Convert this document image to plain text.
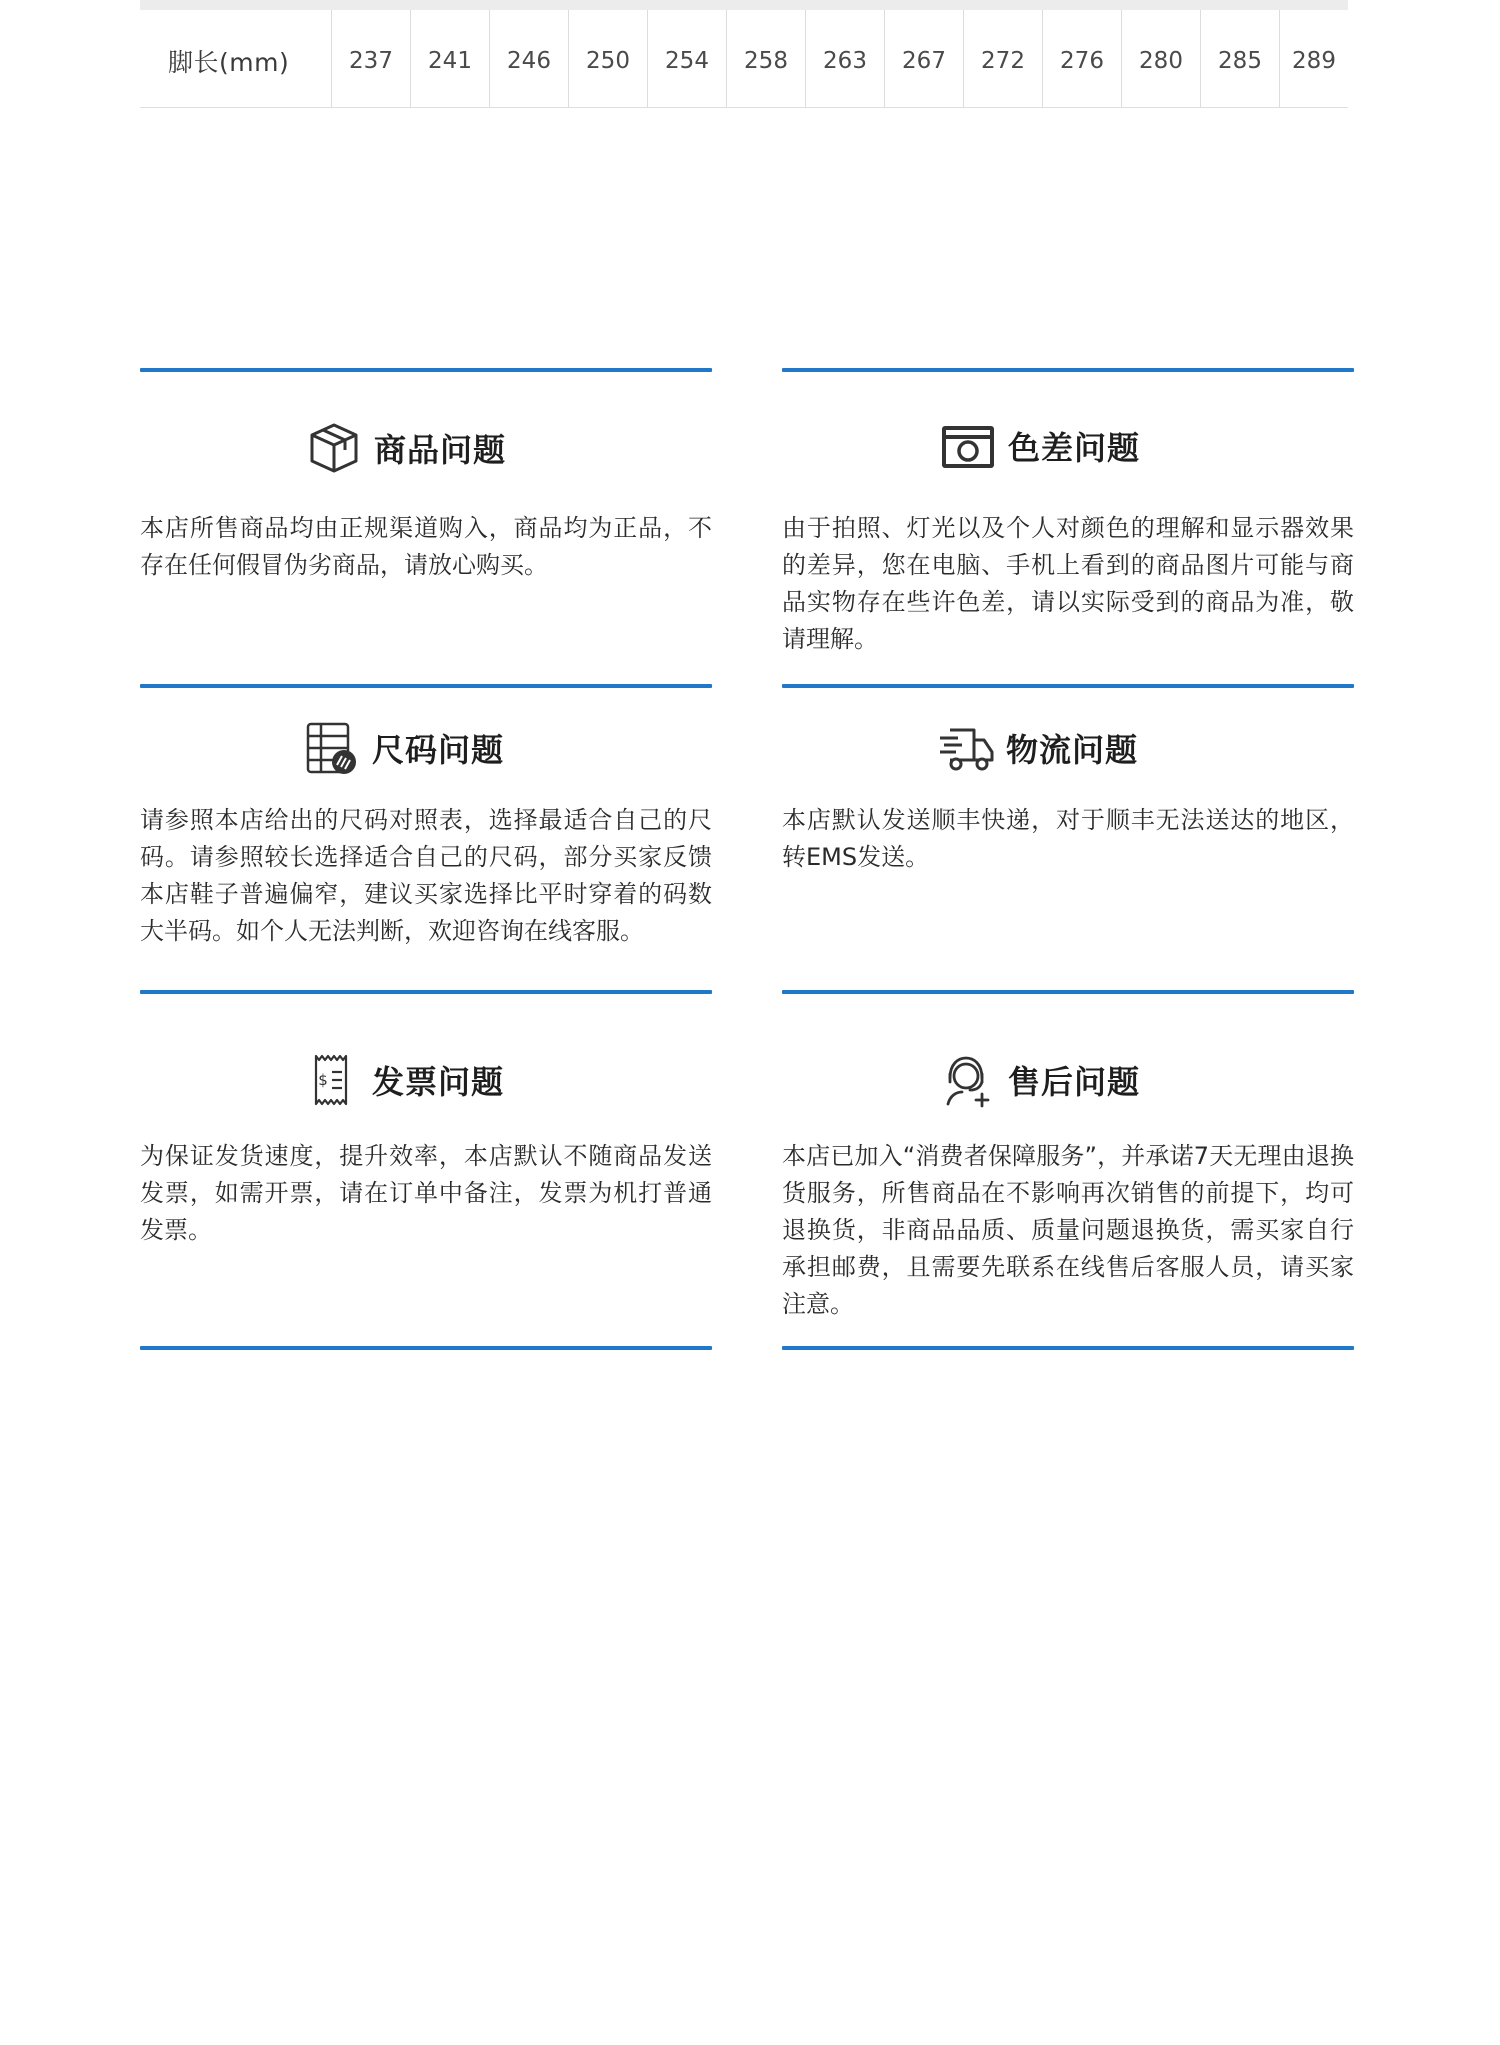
脚长(mm)	237	241	246	250	254	258	263	267	272	276	280	285	289
商品问题
本店所售商品均由正规渠道购入，商品均为正品，不存在任何假冒伪劣商品，请放心购买。
色差问题
由于拍照、灯光以及个人对颜色的理解和显示器效果的差异，您在电脑、手机上看到的商品图片可能与商品实物存在些许色差，请以实际受到的商品为准，敬请理解。
尺码问题
请参照本店给出的尺码对照表，选择最适合自己的尺码。请参照较长选择适合自己的尺码，部分买家反馈本店鞋子普遍偏窄，建议买家选择比平时穿着的码数大半码。如个人无法判断，欢迎咨询在线客服。
物流问题
本店默认发送顺丰快递，对于顺丰无法送达的地区，转EMS发送。
$ 发票问题
为保证发货速度，提升效率，本店默认不随商品发送发票，如需开票，请在订单中备注，发票为机打普通发票。
售后问题
本店已加入“消费者保障服务”，并承诺7天无理由退换货服务，所售商品在不影响再次销售的前提下，均可退换货，非商品品质、质量问题退换货，需买家自行承担邮费，且需要先联系在线售后客服人员，请买家注意。
